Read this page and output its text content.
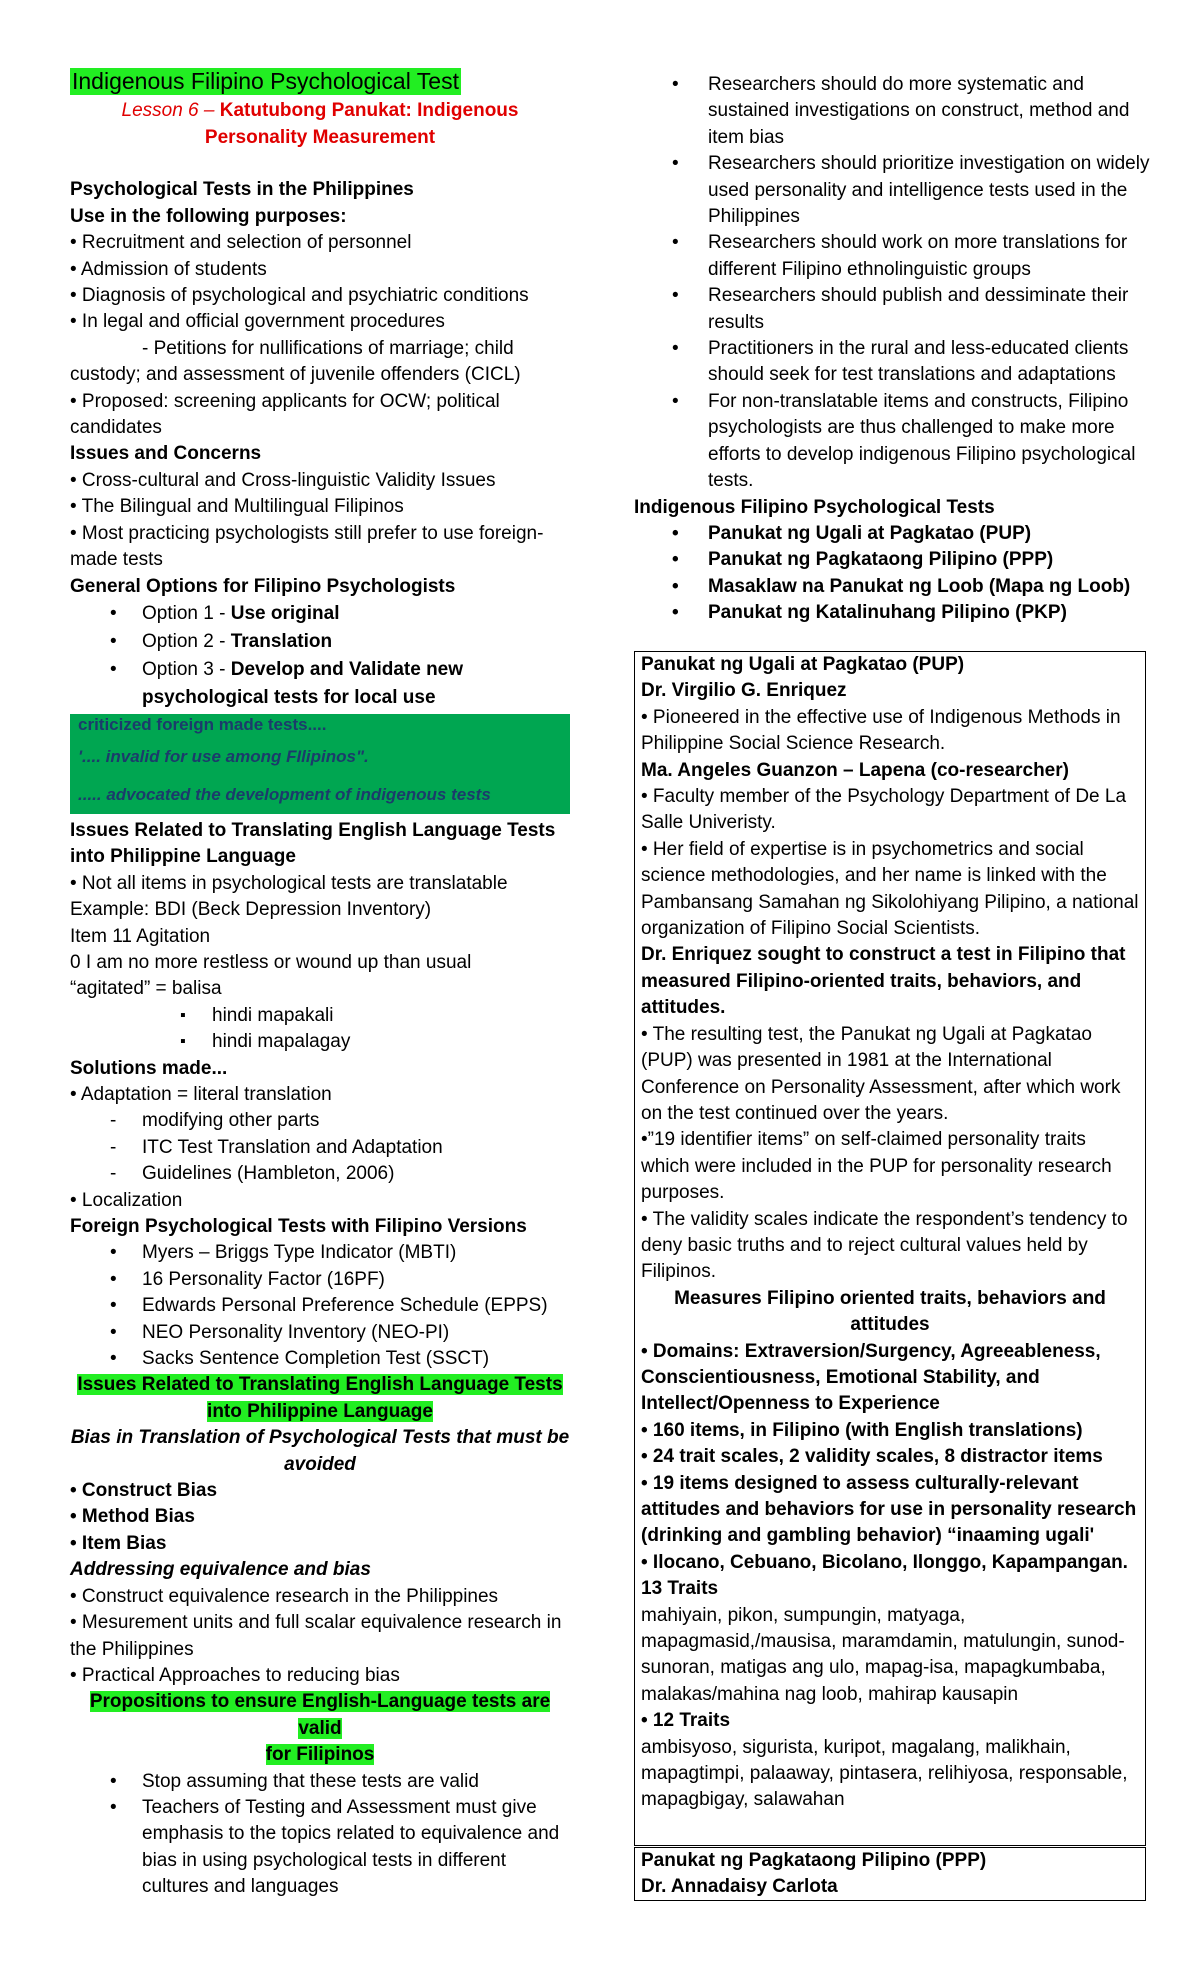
Indigenous Filipino Psychological Test
Lesson 6 – Katutubong Panukat: Indigenous Personality Measurement
Psychological Tests in the Philippines
Use in the following purposes:
• Recruitment and selection of personnel
• Admission of students
• Diagnosis of psychological and psychiatric conditions
• In legal and official government procedures
- Petitions for nullifications of marriage; child
custody; and assessment of juvenile offenders (CICL)
• Proposed: screening applicants for OCW; political candidates
Issues and Concerns
• Cross-cultural and Cross-linguistic Validity Issues
• The Bilingual and Multilingual Filipinos
• Most practicing psychologists still prefer to use foreign- made tests
General Options for Filipino Psychologists
• Option 1 - Use original
• Option 2 - Translation
• Option 3 - Develop and Validate new psychological tests for local use
criticized foreign made tests....
'.... invalid for use among FIlipinos".
..... advocated the development of indigenous tests
Issues Related to Translating English Language Tests into Philippine Language
• Not all items in psychological tests are translatable
Example: BDI (Beck Depression Inventory)
Item 11 Agitation
0 I am no more restless or wound up than usual
“agitated” = balisa
▪ hindi mapakali
▪ hindi mapalagay
Solutions made...
• Adaptation = literal translation
- modifying other parts
- ITC Test Translation and Adaptation
- Guidelines (Hambleton, 2006)
• Localization
Foreign Psychological Tests with Filipino Versions
• Myers – Briggs Type Indicator (MBTI)
• 16 Personality Factor (16PF)
• Edwards Personal Preference Schedule (EPPS)
• NEO Personality Inventory (NEO-PI)
• Sacks Sentence Completion Test (SSCT)
Issues Related to Translating English Language Tests
into Philippine Language
Bias in Translation of Psychological Tests that must be avoided
• Construct Bias
• Method Bias
• Item Bias
Addressing equivalence and bias
• Construct equivalence research in the Philippines
• Mesurement units and full scalar equivalence research in the Philippines
• Practical Approaches to reducing bias
Propositions to ensure English-Language tests are valid
for Filipinos
• Stop assuming that these tests are valid
• Teachers of Testing and Assessment must give emphasis to the topics related to equivalence and bias in using psychological tests in different cultures and languages
• Researchers should do more systematic and sustained investigations on construct, method and item bias
• Researchers should prioritize investigation on widely used personality and intelligence tests used in the Philippines
• Researchers should work on more translations for different Filipino ethnolinguistic groups
• Researchers should publish and dessiminate their results
• Practitioners in the rural and less-educated clients should seek for test translations and adaptations
• For non-translatable items and constructs, Filipino psychologists are thus challenged to make more efforts to develop indigenous Filipino psychological tests.
Indigenous Filipino Psychological Tests
• Panukat ng Ugali at Pagkatao (PUP)
• Panukat ng Pagkataong Pilipino (PPP)
• Masaklaw na Panukat ng Loob (Mapa ng Loob)
• Panukat ng Katalinuhang Pilipino (PKP)
Panukat ng Ugali at Pagkatao (PUP)
Dr. Virgilio G. Enriquez
• Pioneered in the effective use of Indigenous Methods in Philippine Social Science Research.
Ma. Angeles Guanzon – Lapena (co-researcher)
• Faculty member of the Psychology Department of De La Salle Univeristy.
• Her field of expertise is in psychometrics and social science methodologies, and her name is linked with the Pambansang Samahan ng Sikolohiyang Pilipino, a national organization of Filipino Social Scientists.
Dr. Enriquez sought to construct a test in Filipino that measured Filipino-oriented traits, behaviors, and attitudes.
• The resulting test, the Panukat ng Ugali at Pagkatao (PUP) was presented in 1981 at the International Conference on Personality Assessment, after which work on the test continued over the years.
•”19 identifier items” on self-claimed personality traits which were included in the PUP for personality research purposes.
• The validity scales indicate the respondent’s tendency to deny basic truths and to reject cultural values held by Filipinos.
Measures Filipino oriented traits, behaviors and attitudes
• Domains: Extraversion/Surgency, Agreeableness, Conscientiousness, Emotional Stability, and Intellect/Openness to Experience
• 160 items, in Filipino (with English translations)
• 24 trait scales, 2 validity scales, 8 distractor items
• 19 items designed to assess culturally-relevant attitudes and behaviors for use in personality research (drinking and gambling behavior) “inaaming ugali'
• Ilocano, Cebuano, Bicolano, Ilonggo, Kapampangan.
13 Traits
mahiyain, pikon, sumpungin, matyaga, mapagmasid,/mausisa, maramdamin, matulungin, sunod- sunoran, matigas ang ulo, mapag-isa, mapagkumbaba, malakas/mahina nag loob, mahirap kausapin
• 12 Traits
ambisyoso, sigurista, kuripot, magalang, malikhain, mapagtimpi, palaaway, pintasera, relihiyosa, responsable, mapagbigay, salawahan
Panukat ng Pagkataong Pilipino (PPP)
Dr. Annadaisy Carlota
